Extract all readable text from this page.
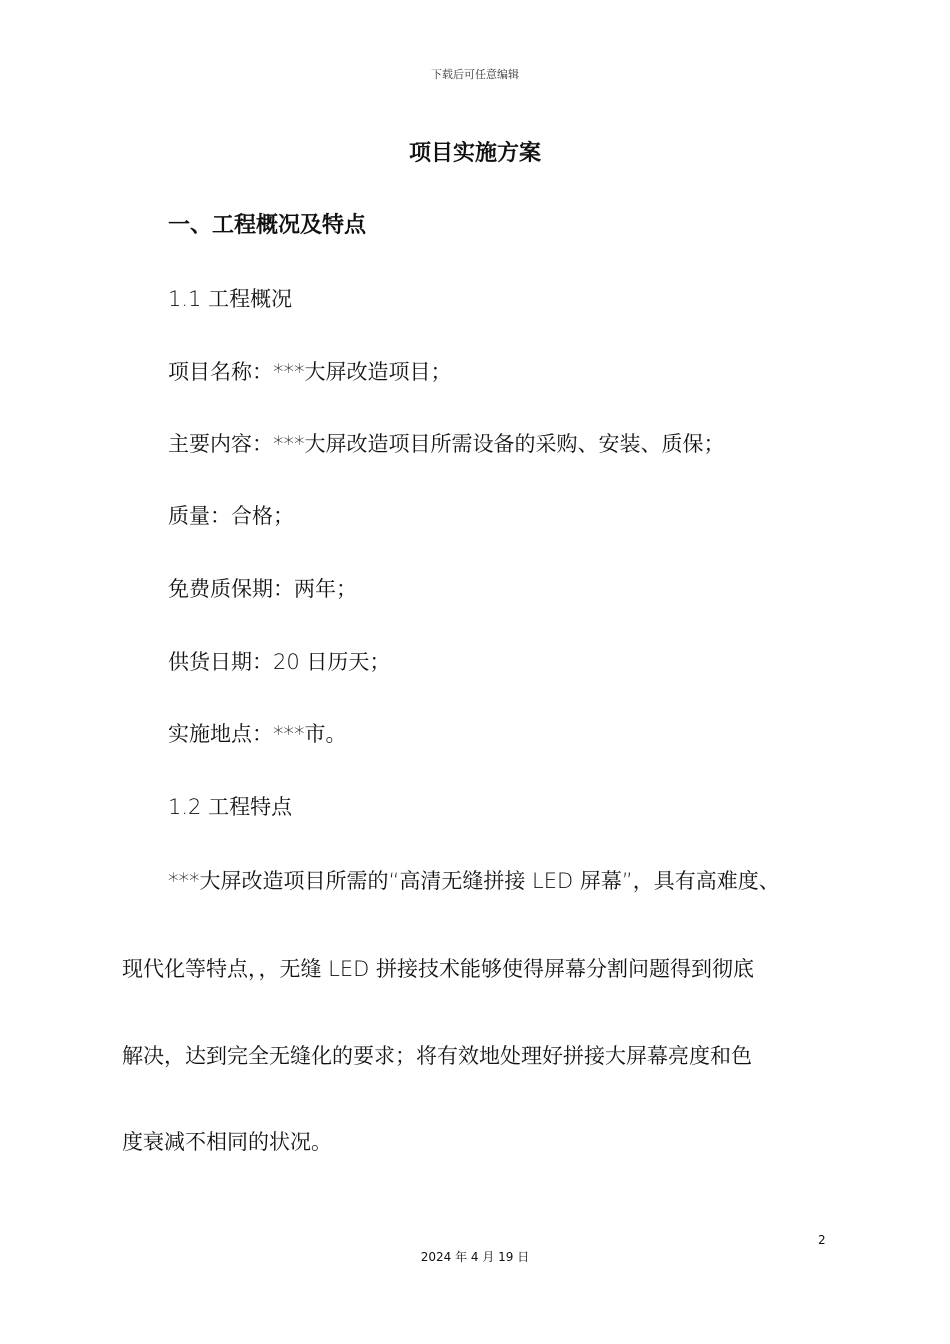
下载后可任意编辑
项目实施方案
一、工程概况及特点
1.1 工程概况
项目名称：***大屏改造项目；
主要内容：***大屏改造项目所需设备的采购、安装、质保；
质量：合格；
免费质保期：两年；
供货日期：20 日历天；
实施地点：***市。
1.2 工程特点
***大屏改造项目所需的“高清无缝拼接 LED 屏幕”，具有高难度、
现代化等特点，，无缝 LED 拼接技术能够使得屏幕分割问题得到彻底
解决，达到完全无缝化的要求；将有效地处理好拼接大屏幕亮度和色
度衰减不相同的状况。
2
2024 年 4 月 19 日
